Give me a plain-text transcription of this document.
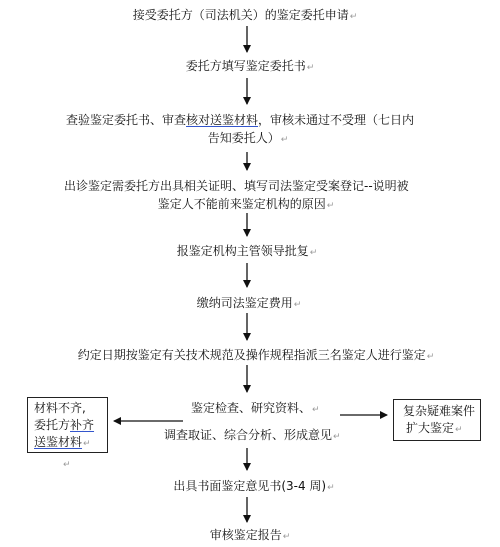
接受委托方（司法机关）的鉴定委托申请↵
委托方填写鉴定委托书↵
查验鉴定委托书、审查核对送鉴材料，审核未通过不受理（七日内
告知委托人）↵
出诊鉴定需委托方出具相关证明、填写司法鉴定受案登记--说明被
鉴定人不能前来鉴定机构的原因↵
报鉴定机构主管领导批复↵
缴纳司法鉴定费用↵
约定日期按鉴定有关技术规范及操作规程指派三名鉴定人进行鉴定↵
鉴定检查、研究资料、↵
调查取证、综合分析、形成意见↵
材料不齐,
委托方补齐
送鉴材料↵
↵
复杂疑难案件
扩大鉴定↵
出具书面鉴定意见书(3-4 周)↵
审核鉴定报告↵
